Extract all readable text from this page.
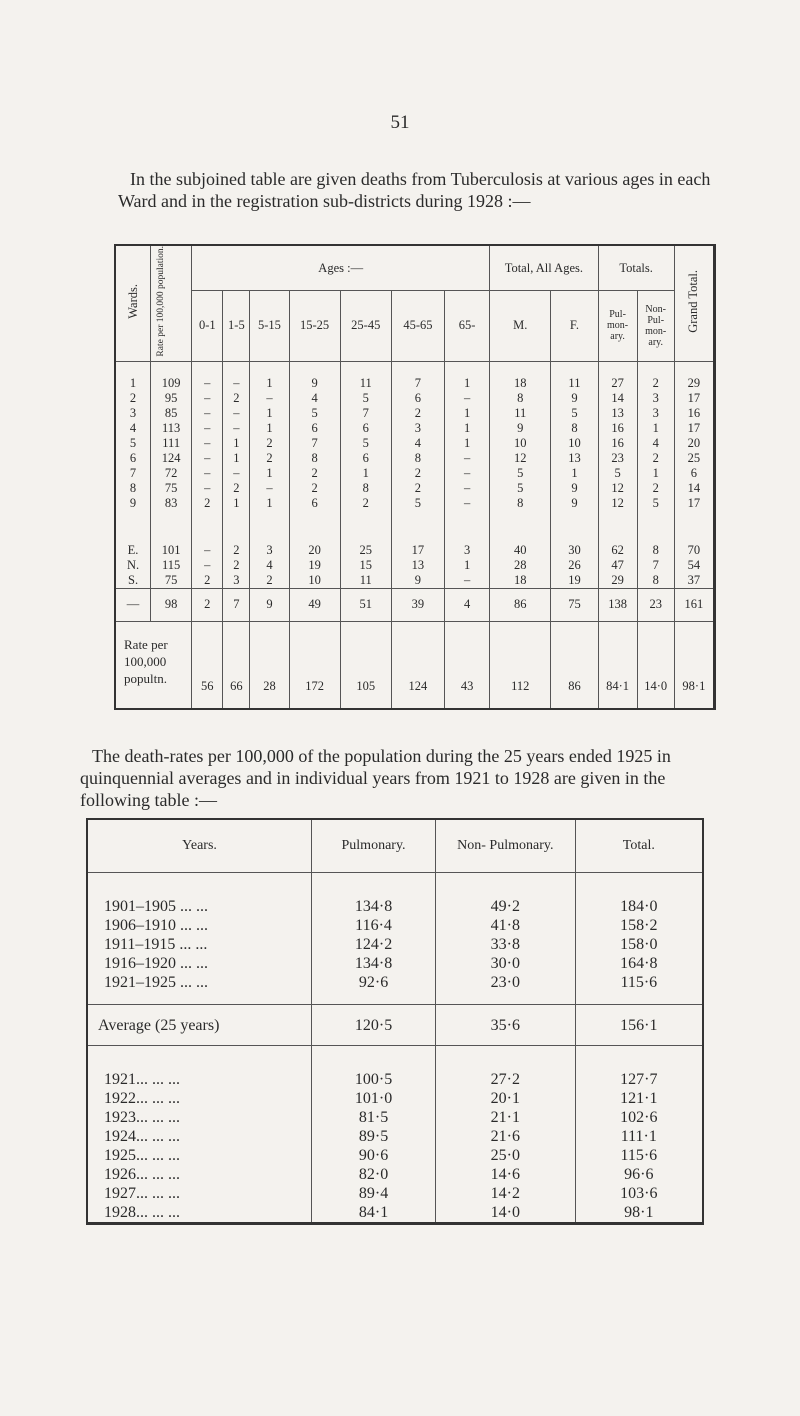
51

In the subjoined table are given deaths from Tuberculosis at various ages in each Ward and in the registration sub-districts during 1928 :—

Wards.	Rate per 100,000 population.	Ages :—							Total, All Ages.		Totals.		Grand Total.
		0-1	1-5	5-15	15-25	25-45	45-65	65-	M.	F.	Pul- mon- ary.	Non- Pul- mon- ary.	
1	109	–	–	1	9	11	7	1	18	11	27	2	29
2	95	–	2	–	4	5	6	–	8	9	14	3	17
3	85	–	–	1	5	7	2	1	11	5	13	3	16
4	113	–	–	1	6	6	3	1	9	8	16	1	17
5	111	–	1	2	7	5	4	1	10	10	16	4	20
6	124	–	1	2	8	6	8	–	12	13	23	2	25
7	72	–	–	1	2	1	2	–	5	1	5	1	6
8	75	–	2	–	2	8	2	–	5	9	12	2	14
9	83	2	1	1	6	2	5	–	8	9	12	5	17

E.	101	–	2	3	20	25	17	3	40	30	62	8	70
N.	115	–	2	4	19	15	13	1	28	26	47	7	54
S.	75	2	3	2	10	11	9	–	18	19	29	8	37
—	98	2	7	9	49	51	39	4	86	75	138	23	161
Rate per 100,000 popultn.		56	66	28	172	105	124	43	112	86	84·1	14·0	98·1

The death-rates per 100,000 of the population during the 25 years ended 1925 in quinquennial averages and in individual years from 1921 to 1928 are given in the following table :—

Years.	Pulmonary.	Non- Pulmonary.	Total.
1901–1905 ... ...	134·8	49·2	184·0
1906–1910 ... ...	116·4	41·8	158·2
1911–1915 ... ...	124·2	33·8	158·0
1916–1920 ... ...	134·8	30·0	164·8
1921–1925 ... ...	92·6	23·0	115·6
Average (25 years)	120·5	35·6	156·1
1921... ... ...	100·5	27·2	127·7
1922... ... ...	101·0	20·1	121·1
1923... ... ...	81·5	21·1	102·6
1924... ... ...	89·5	21·6	111·1
1925... ... ...	90·6	25·0	115·6
1926... ... ...	82·0	14·6	96·6
1927... ... ...	89·4	14·2	103·6
1928... ... ...	84·1	14·0	98·1
